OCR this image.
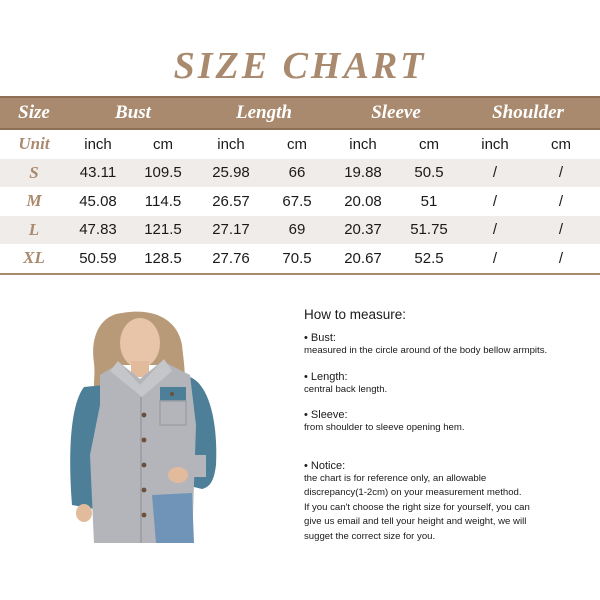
SIZE CHART
Size	Bust	Length	Sleeve	Shoulder
Unit	inch	cm	inch	cm	inch	cm	inch	cm
S	43.11	109.5	25.98	66	19.88	50.5	/	/
M	45.08	114.5	26.57	67.5	20.08	51	/	/
L	47.83	121.5	27.17	69	20.37	51.75	/	/
XL	50.59	128.5	27.76	70.5	20.67	52.5	/	/
How to measure:
• Bust:
measured in the circle around of the body bellow armpits.
• Length:
central back length.
• Sleeve:
from shoulder to sleeve opening hem.
• Notice:
the chart is for reference only, an allowable
discrepancy(1-2cm) on your measurement method.
If you can't choose the right size for yourself, you can
give us email and tell your height and weight, we will
sugget the correct size for you.
